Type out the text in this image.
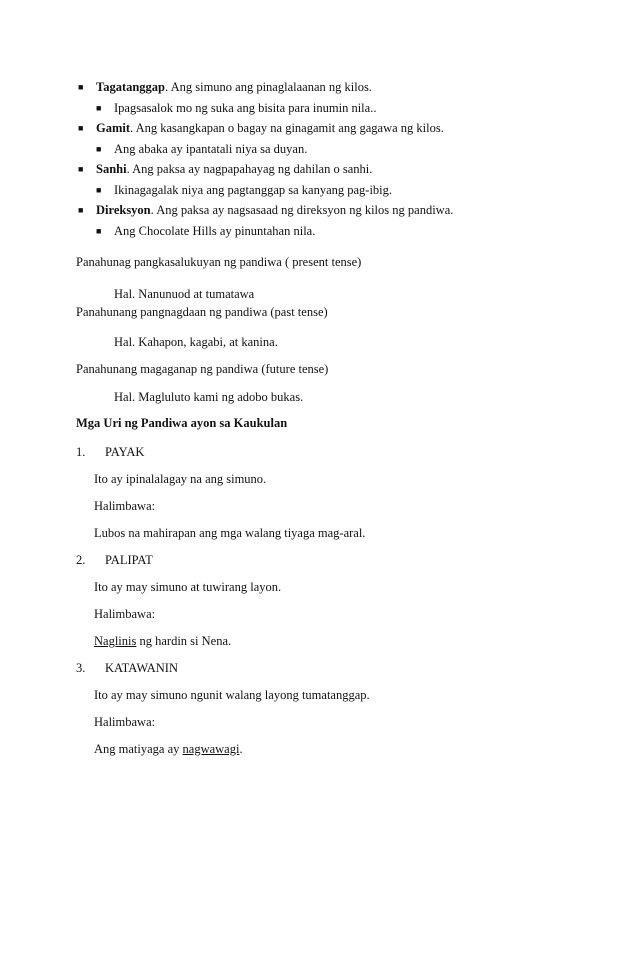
■ Tagatanggap. Ang simuno ang pinaglalaanan ng kilos.
■ Ipagsasalok mo ng suka ang bisita para inumin nila..
■ Gamit. Ang kasangkapan o bagay na ginagamit ang gagawa ng kilos.
■ Ang abaka ay ipantatali niya sa duyan.
■ Sanhi. Ang paksa ay nagpapahayag ng dahilan o sanhi.
■ Ikinagagalak niya ang pagtanggap sa kanyang pag-ibig.
■ Direksyon. Ang paksa ay nagsasaad ng direksyon ng kilos ng pandiwa.
■ Ang Chocolate Hills ay pinuntahan nila.
Panahunag pangkasalukuyan ng pandiwa ( present tense)
Hal. Nanunuod at tumatawa
Panahunang pangnagdaan ng pandiwa (past tense)
Hal. Kahapon, kagabi, at kanina.
Panahunang magaganap ng pandiwa (future tense)
Hal. Magluluto kami ng adobo bukas.
Mga Uri ng Pandiwa ayon sa Kaukulan
1. PAYAK
Ito ay ipinalalagay na ang simuno.
Halimbawa:
Lubos na mahirapan ang mga walang tiyaga mag-aral.
2. PALIPAT
Ito ay may simuno at tuwirang layon.
Halimbawa:
Naglinis ng hardin si Nena.
3. KATAWANIN
Ito ay may simuno ngunit walang layong tumatanggap.
Halimbawa:
Ang matiyaga ay nagwawagi.
